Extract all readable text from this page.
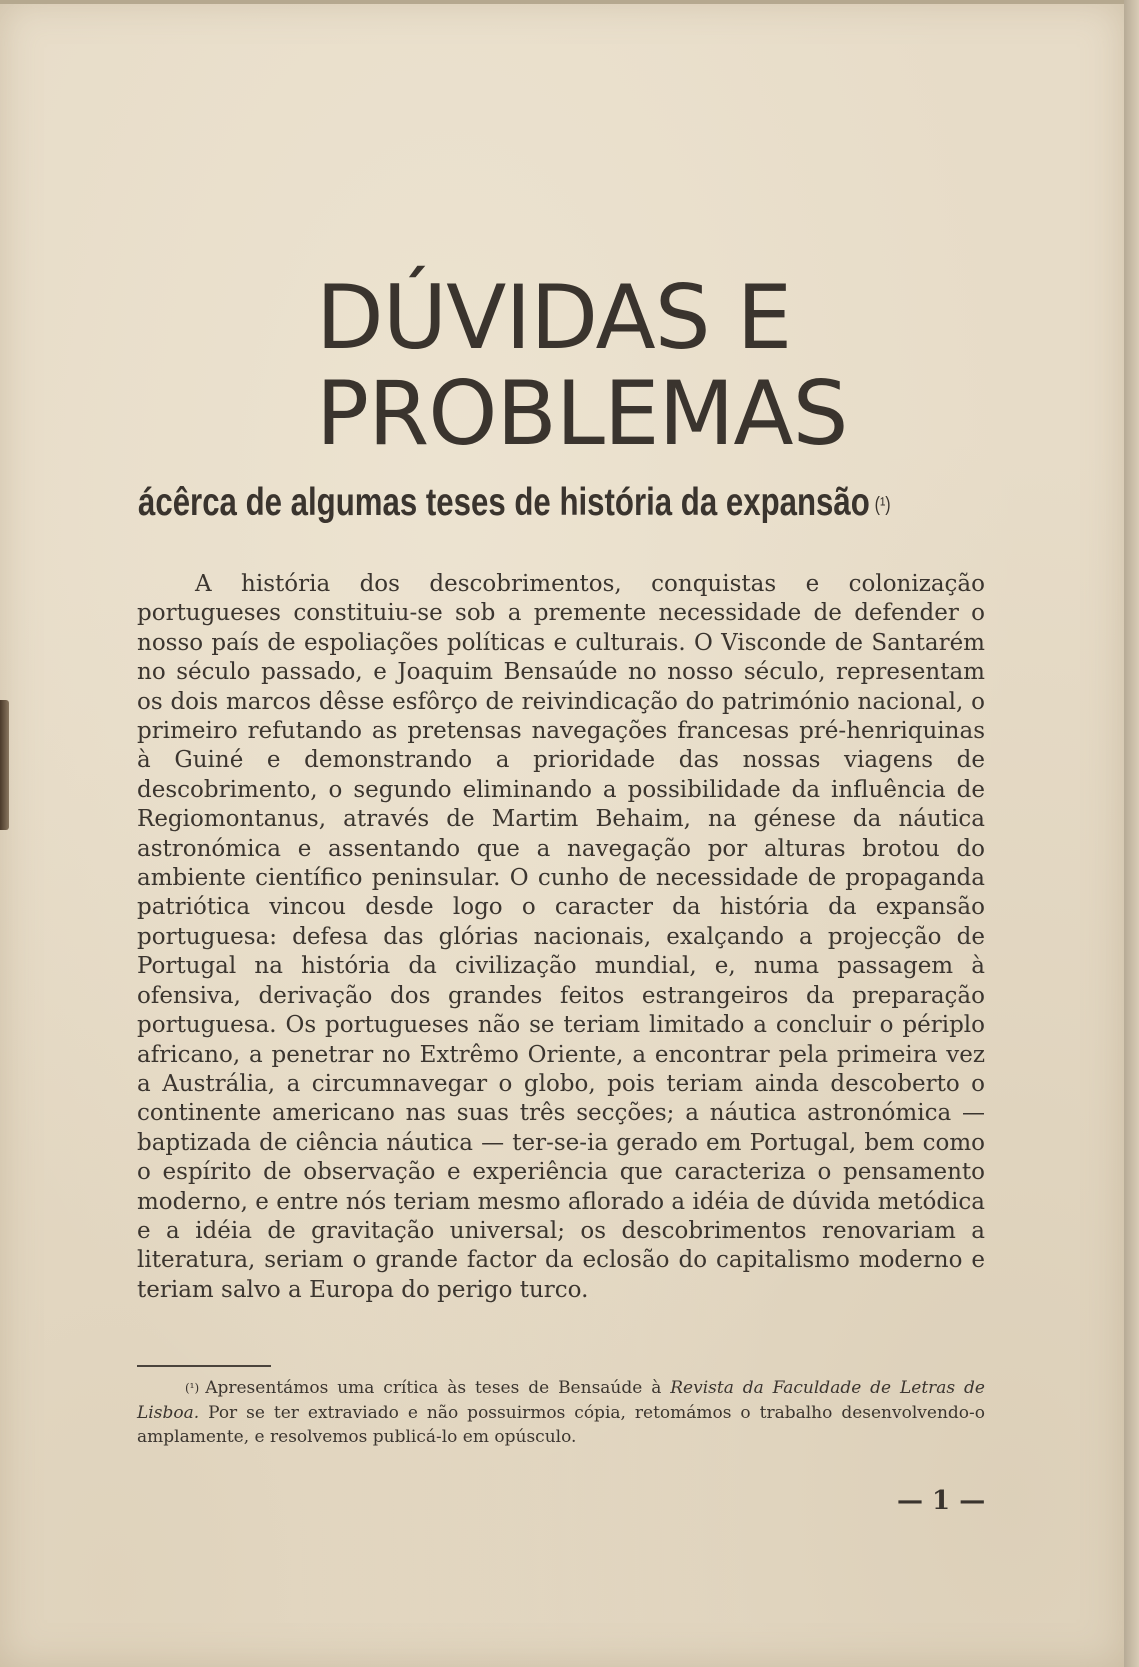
DÚVIDAS E
PROBLEMAS
ácêrca de algumas teses de história da expansão $^{(^1)}$

A história dos descobrimentos, conquistas e colonização portugueses constituiu-se sob a premente necessidade de defender o nosso país de espoliações políticas e culturais. O Visconde de Santarém no século passado, e Joaquim Bensaúde no nosso século, representam os dois marcos dêsse esfôrço de reivindicação do património nacional, o primeiro refutando as pretensas navegações francesas pré-henriquinas à Guiné e demonstrando a prioridade das nossas viagens de descobrimento, o segundo eliminando a possibilidade da influência de Regiomontanus, através de Martim Behaim, na génese da náutica astronómica e assentando que a navegação por alturas brotou do ambiente científico peninsular. O cunho de necessidade de propaganda patriótica vincou desde logo o caracter da história da expansão portuguesa: defesa das glórias nacionais, exalçando a projecção de Portugal na história da civilização mundial, e, numa passagem à ofensiva, derivação dos grandes feitos estrangeiros da preparação portuguesa. Os portugueses não se teriam limitado a concluir o périplo africano, a penetrar no Extrêmo Oriente, a encontrar pela primeira vez a Austrália, a circumnavegar o globo, pois teriam ainda descoberto o continente americano nas suas três secções; a náutica astronómica — baptizada de ciência náutica — ter-se-ia gerado em Portugal, bem como o espírito de observação e experiência que caracteriza o pensamento moderno, e entre nós teriam mesmo aflorado a idéia de dúvida metódica e a idéia de gravitação universal; os descobrimentos renovariam a literatura, seriam o grande factor da eclosão do capitalismo moderno e teriam salvo a Europa do perigo turco.

$^{(^1)}$ Apresentámos uma crítica às teses de Bensaúde à Revista da Faculdade de Letras de Lisboa. Por se ter extraviado e não possuirmos cópia, retomámos o trabalho desenvolvendo-o amplamente, e resolvemos publicá-lo em opúsculo.

— 1 —
